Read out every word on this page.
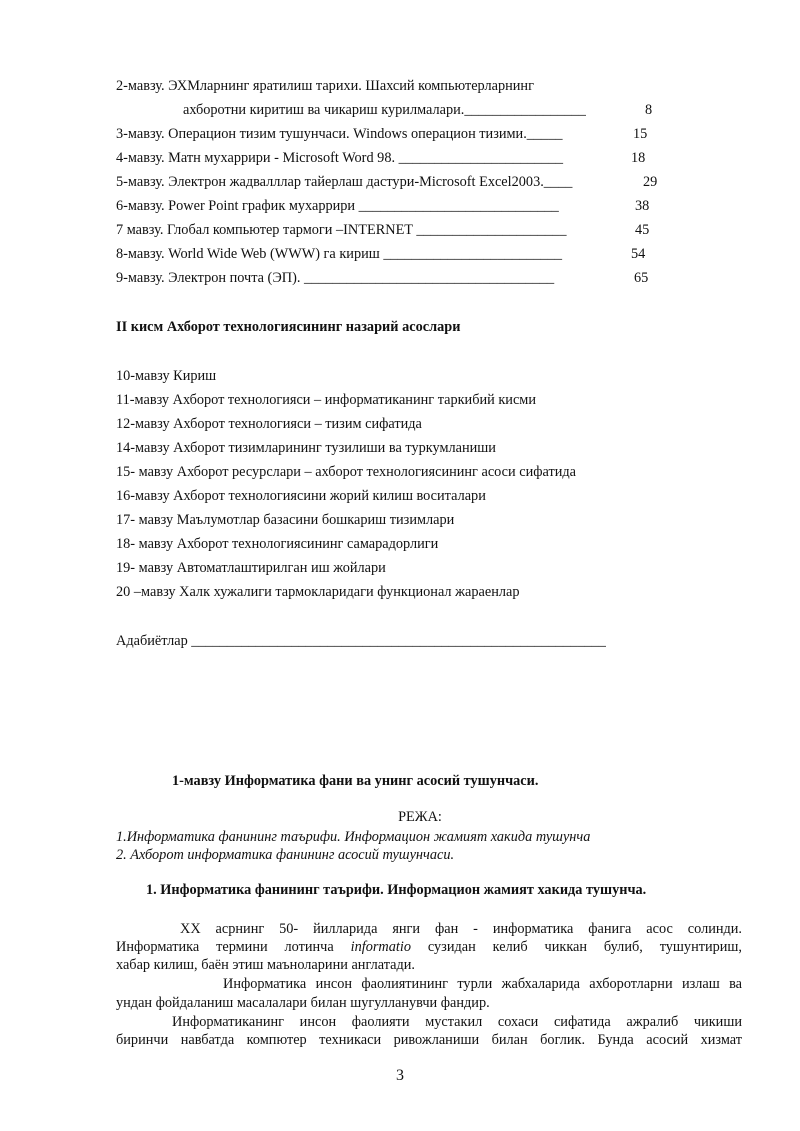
2-мавзу. ЭХМларнинг яратилиш тарихи. Шахсий компьютерларнинг
ахборотни киритиш ва чикариш курилмалари._________________	8
3-мавзу. Операцион тизим тушунчаси. Windows операцион тизими._____	15
4-мавзу. Матн мухаррири - Microsoft Word 98. _______________________	18
5-мавзу. Электрон жадвалллар тайерлаш дастури-Microsoft Excel2003.____	29
6-мавзу. Power Point график мухаррири ____________________________	38
7 мавзу. Глобал компьютер тармоги –INTERNET _____________________	45
8-мавзу. World Wide Web (WWW) га кириш _________________________	54
9-мавзу. Электрон почта (ЭП). ___________________________________	65
II кисм Ахборот технологиясининг назарий асослари
10-мавзу Кириш
11-мавзу Ахборот технологияси – информатиканинг таркибий кисми
12-мавзу Ахборот технологияси – тизим сифатида
14-мавзу Ахборот тизимларининг тузилиши ва туркумланиши
15- мавзу Ахборот ресурслари – ахборот технологиясининг асоси сифатида
16-мавзу Ахборот технологиясини жорий килиш воситалари
17- мавзу Маълумотлар базасини бошкариш тизимлари
18- мавзу Ахборот технологиясининг самарадорлиги
19- мавзу Автоматлаштирилган иш жойлари
20 –мавзу Халк хужалиги тармокларидаги функционал жараенлар
Адабиётлар __________________________________________________________
1-мавзу Информатика фани ва унинг асосий тушунчаси.
РЕЖА:
1.Информатика фанининг таърифи. Информацион жамият хакида тушунча
2. Ахборот информатика фанининг асосий тушунчаси.
1. Информатика фанининг таърифи. Информацион жамият хакида тушунча.
XX асрнинг 50- йилларида янги фан - информатика фанига асос солинди.
Информатика термини лотинча informatio сузидан келиб чиккан булиб, тушунтириш,
хабар килиш, баён этиш маъноларини англатади.
Информатика инсон фаолиятининг турли жабхаларида ахборотларни излаш ва
ундан фойдаланиш масалалари билан шугулланувчи фандир.
Информатиканинг инсон фаолияти мустакил сохаси сифатида ажралиб чикиши
биринчи навбатда компютер техникаси ривожланиши билан боглик. Бунда асосий хизмат
3
